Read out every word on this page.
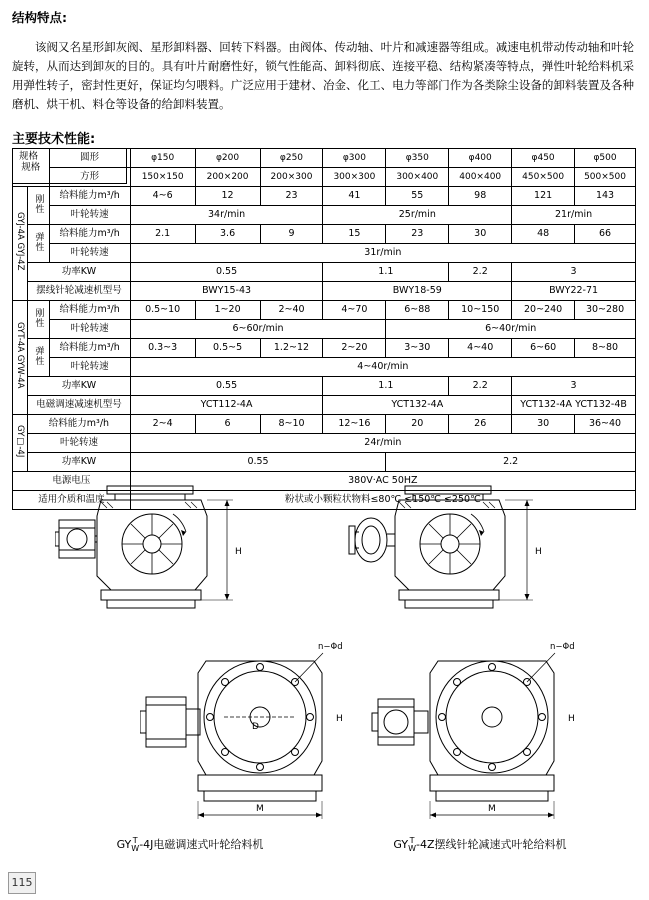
结构特点:

该阀又名星形卸灰阀、星形卸料器、回转下料器。由阀体、传动轴、叶片和减速器等组成。减速电机带动传动轴和叶轮旋转，从而达到卸灰的目的。具有叶片耐磨性好，锁气性能高、卸料彻底、连接平稳、结构紧凑等特点，弹性叶轮给料机采用弹性转子，密封性更好，保证均匀喂料。广泛应用于建材、冶金、化工、电力等部门作为各类除尘设备的卸料装置及各种磨机、烘干机、料仓等设备的给卸料装置。

主要技术性能:
规格
规格		圆形	φ150	φ200	φ250	φ300	φ350	φ400	φ450	φ500
		方形	150×150	200×200	200×300	300×300	300×400	400×400	450×500	500×500
GYJ-4A GYJ-4Z	刚性	给料能力m³/h	4~6	12	23	41	55	98	121	143
		叶轮转速	34r/min			25r/min			21r/min	
	弹性	给料能力m³/h	2.1	3.6	9	15	23	30	48	66
		叶轮转速	31r/min							
	功率KW		0.55			1.1		2.2	3	
	摆线针轮减速机型号		BWY15-43			BWY18-59			BWY22-71	
GYT-4A GYW-4A	刚性	给料能力m³/h	0.5~10	1~20	2~40	4~70	6~88	10~150	20~240	30~280
		叶轮转速	6~60r/min				6~40r/min			
	弹性	给料能力m³/h	0.3~3	0.5~5	1.2~12	2~20	3~30	4~40	6~60	8~80
		叶轮转速	4~40r/min							
	功率KW		0.55			1.1		2.2	3	
	电磁调速减速机型号		YCT112-4A			YCT132-4A			YCT132-4A YCT132-4B	
GY□-4J	给料能力m³/h		2~4	6	8~10	12~16	20	26	30	36~40
	叶轮转速		24r/min							
	功率KW		0.55				2.2			
电源电压			380V·AC 50HZ							
适用介质和温度			粉状或小颗粒状物料≤80℃ ≤150℃ ≤250℃							
H	H
n−Φd
D
M
H
n−Φd
M
H
GY T
W-4J电磁调速式叶轮给料机	GY T
W-4Z摆线针轮减速式叶轮给料机
115
